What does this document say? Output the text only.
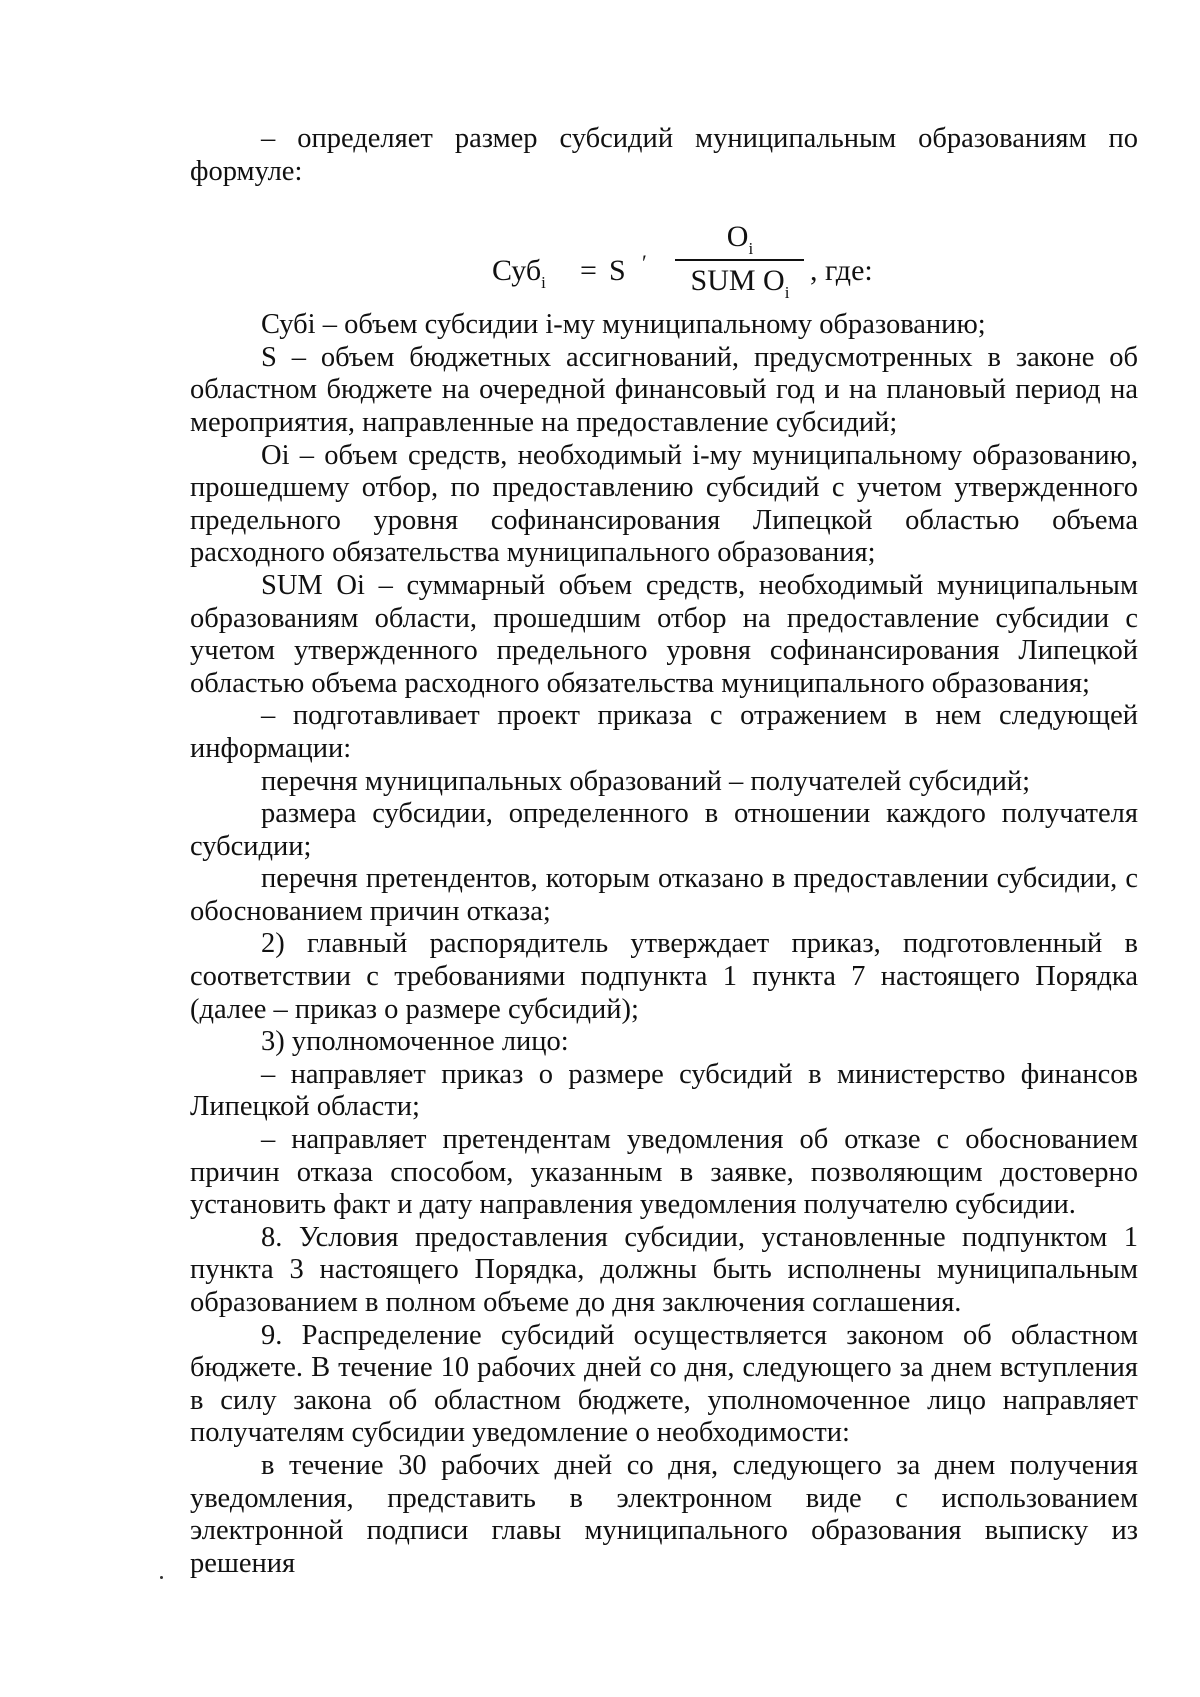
– определяет размер субсидий муниципальным образованиям по формуле:

Суб$_i$ = S ′
$O_i$
SUM $O_i$
, где:

Субi – объем субсидии i-му муниципальному образованию;

S – объем бюджетных ассигнований, предусмотренных в законе об областном бюджете на очередной финансовый год и на плановый период на мероприятия, направленные на предоставление субсидий;

Оi – объем средств, необходимый i-му муниципальному образованию, прошедшему отбор, по предоставлению субсидий с учетом утвержденного предельного уровня софинансирования Липецкой областью объема расходного обязательства муниципального образования;

SUM Oi – суммарный объем средств, необходимый муниципальным образованиям области, прошедшим отбор на предоставление субсидии с учетом утвержденного предельного уровня софинансирования Липецкой областью объема расходного обязательства муниципального образования;

– подготавливает проект приказа с отражением в нем следующей информации:

перечня муниципальных образований – получателей субсидий;

размера субсидии, определенного в отношении каждого получателя субсидии;

перечня претендентов, которым отказано в предоставлении субсидии, с обоснованием причин отказа;

2) главный распорядитель утверждает приказ, подготовленный в соответствии с требованиями подпункта 1 пункта 7 настоящего Порядка (далее – приказ о размере субсидий);

3) уполномоченное лицо:

– направляет приказ о размере субсидий в министерство финансов Липецкой области;

– направляет претендентам уведомления об отказе с обоснованием причин отказа способом, указанным в заявке, позволяющим достоверно установить факт и дату направления уведомления получателю субсидии.

8. Условия предоставления субсидии, установленные подпунктом 1 пункта 3 настоящего Порядка, должны быть исполнены муниципальным образованием в полном объеме до дня заключения соглашения.

9. Распределение субсидий осуществляется законом об областном бюджете. В течение 10 рабочих дней со дня, следующего за днем вступления в силу закона об областном бюджете, уполномоченное лицо направляет получателям субсидии уведомление о необходимости:

в течение 30 рабочих дней со дня, следующего за днем получения уведомления, представить в электронном виде с использованием электронной подписи главы муниципального образования выписку из решения
